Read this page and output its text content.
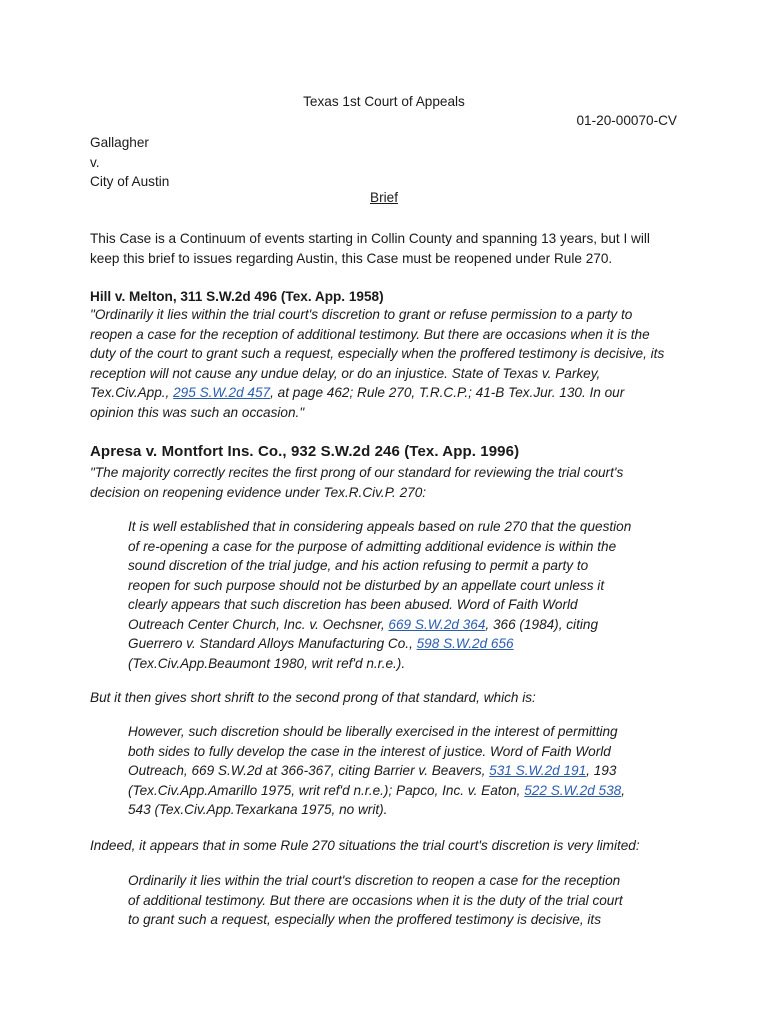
Texas 1st Court of Appeals
01-20-00070-CV
Gallagher
v.
City of Austin
Brief
This Case is a Continuum of events starting in Collin County and spanning 13 years, but I will
keep this brief to issues regarding Austin, this Case must be reopened under Rule 270.
Hill v. Melton, 311 S.W.2d 496 (Tex. App. 1958)
"Ordinarily it lies within the trial court's discretion to grant or refuse permission to a party to
reopen a case for the reception of additional testimony. But there are occasions when it is the
duty of the court to grant such a request, especially when the proffered testimony is decisive, its
reception will not cause any undue delay, or do an injustice. State of Texas v. Parkey,
Tex.Civ.App., 295 S.W.2d 457, at page 462; Rule 270, T.R.C.P.; 41-B Tex.Jur. 130. In our
opinion this was such an occasion."
Apresa v. Montfort Ins. Co., 932 S.W.2d 246 (Tex. App. 1996)
"The majority correctly recites the first prong of our standard for reviewing the trial court's
decision on reopening evidence under Tex.R.Civ.P. 270:
It is well established that in considering appeals based on rule 270 that the question
of re-opening a case for the purpose of admitting additional evidence is within the
sound discretion of the trial judge, and his action refusing to permit a party to
reopen for such purpose should not be disturbed by an appellate court unless it
clearly appears that such discretion has been abused. Word of Faith World
Outreach Center Church, Inc. v. Oechsner, 669 S.W.2d 364, 366 (1984), citing
Guerrero v. Standard Alloys Manufacturing Co., 598 S.W.2d 656
(Tex.Civ.App.Beaumont 1980, writ ref'd n.r.e.).
But it then gives short shrift to the second prong of that standard, which is:
However, such discretion should be liberally exercised in the interest of permitting
both sides to fully develop the case in the interest of justice. Word of Faith World
Outreach, 669 S.W.2d at 366-367, citing Barrier v. Beavers, 531 S.W.2d 191, 193
(Tex.Civ.App.Amarillo 1975, writ ref'd n.r.e.); Papco, Inc. v. Eaton, 522 S.W.2d 538,
543 (Tex.Civ.App.Texarkana 1975, no writ).
Indeed, it appears that in some Rule 270 situations the trial court's discretion is very limited:
Ordinarily it lies within the trial court's discretion to reopen a case for the reception
of additional testimony. But there are occasions when it is the duty of the trial court
to grant such a request, especially when the proffered testimony is decisive, its
